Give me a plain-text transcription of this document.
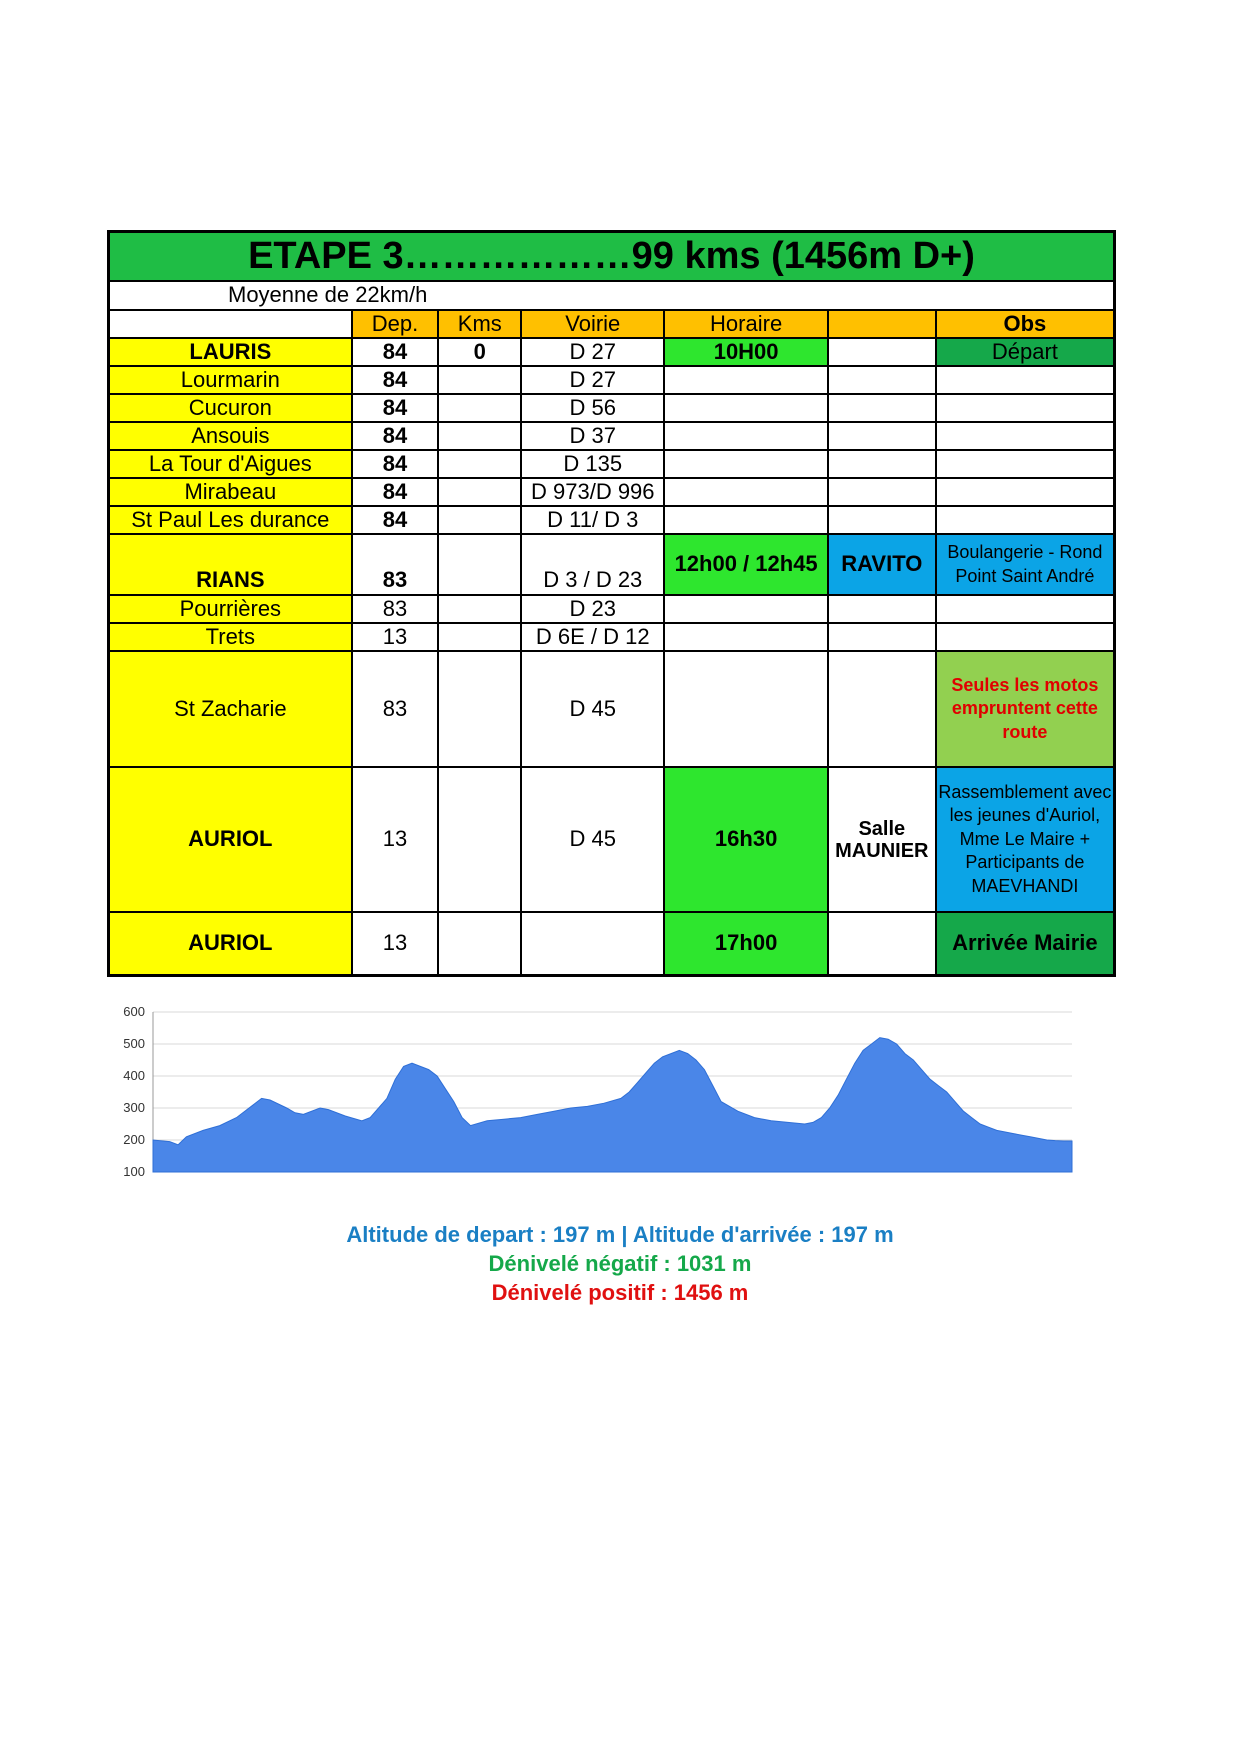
ETAPE 3………………99 kms (1456m D+)						
Moyenne de 22km/h						
	Dep.	Kms	Voirie	Horaire		Obs
LAURIS	84	0	D 27	10H00		Départ
Lourmarin	84		D 27			
Cucuron	84		D 56			
Ansouis	84		D 37			
La Tour d'Aigues	84		D 135			
Mirabeau	84		D 973/D 996			
St Paul Les durance	84		D 11/ D 3			
RIANS	83		D 3 / D 23	12h00 / 12h45	RAVITO	Boulangerie - Rond Point Saint André
Pourrières	83		D 23			
Trets	13		D 6E / D 12			
St Zacharie	83		D 45			Seules les motos empruntent cette route
AURIOL	13		D 45	16h30	Salle MAUNIER	Rassemblement avec les jeunes d'Auriol, Mme Le Maire + Participants de MAEVHANDI
AURIOL	13			17h00		Arrivée Mairie
600
500
400
300
200
100
Altitude de depart : 197 m | Altitude d'arrivée : 197 m
Dénivelé négatif : 1031 m
Dénivelé positif : 1456 m
